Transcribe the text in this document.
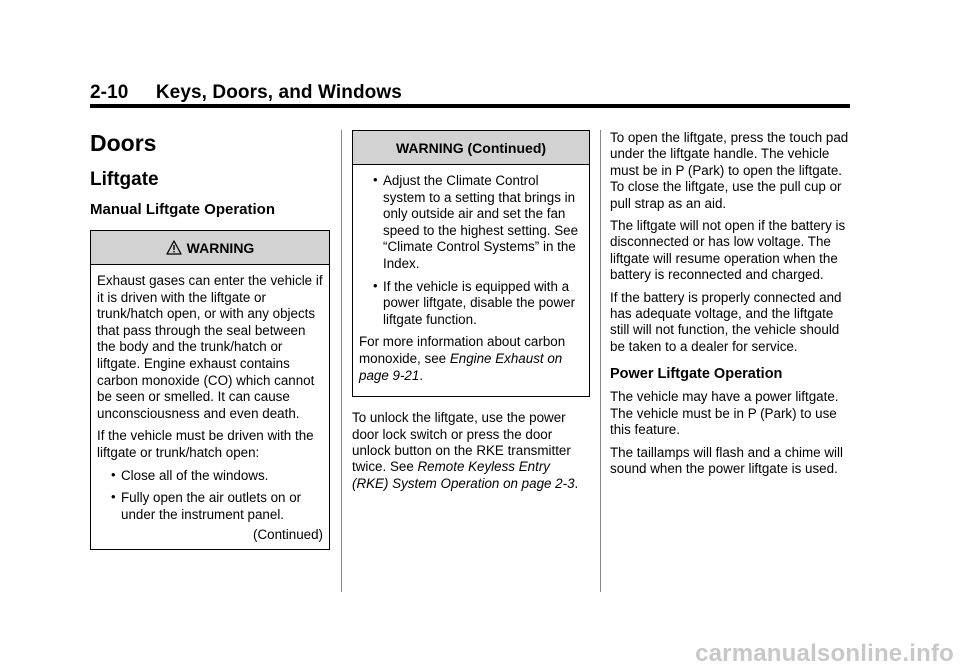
2-10 Keys, Doors, and Windows
Doors
Liftgate
Manual Liftgate Operation
WARNING

Exhaust gases can enter the vehicle if it is driven with the liftgate or trunk/hatch open, or with any objects that pass through the seal between the body and the trunk/hatch or liftgate. Engine exhaust contains carbon monoxide (CO) which cannot be seen or smelled. It can cause unconsciousness and even death.

If the vehicle must be driven with the liftgate or trunk/hatch open:

• Close all of the windows.
• Fully open the air outlets on or under the instrument panel.
(Continued)
WARNING (Continued)
• Adjust the Climate Control system to a setting that brings in only outside air and set the fan speed to the highest setting. See “Climate Control Systems” in the Index.
• If the vehicle is equipped with a power liftgate, disable the power liftgate function.

For more information about carbon monoxide, see Engine Exhaust on page 9-21.

To unlock the liftgate, use the power door lock switch or press the door unlock button on the RKE transmitter twice. See Remote Keyless Entry (RKE) System Operation on page 2-3.

To open the liftgate, press the touch pad under the liftgate handle. The vehicle must be in P (Park) to open the liftgate. To close the liftgate, use the pull cup or pull strap as an aid.

The liftgate will not open if the battery is disconnected or has low voltage. The liftgate will resume operation when the battery is reconnected and charged.

If the battery is properly connected and has adequate voltage, and the liftgate still will not function, the vehicle should be taken to a dealer for service.

Power Liftgate Operation

The vehicle may have a power liftgate. The vehicle must be in P (Park) to use this feature.

The taillamps will flash and a chime will sound when the power liftgate is used.

carmanualsonline.info
